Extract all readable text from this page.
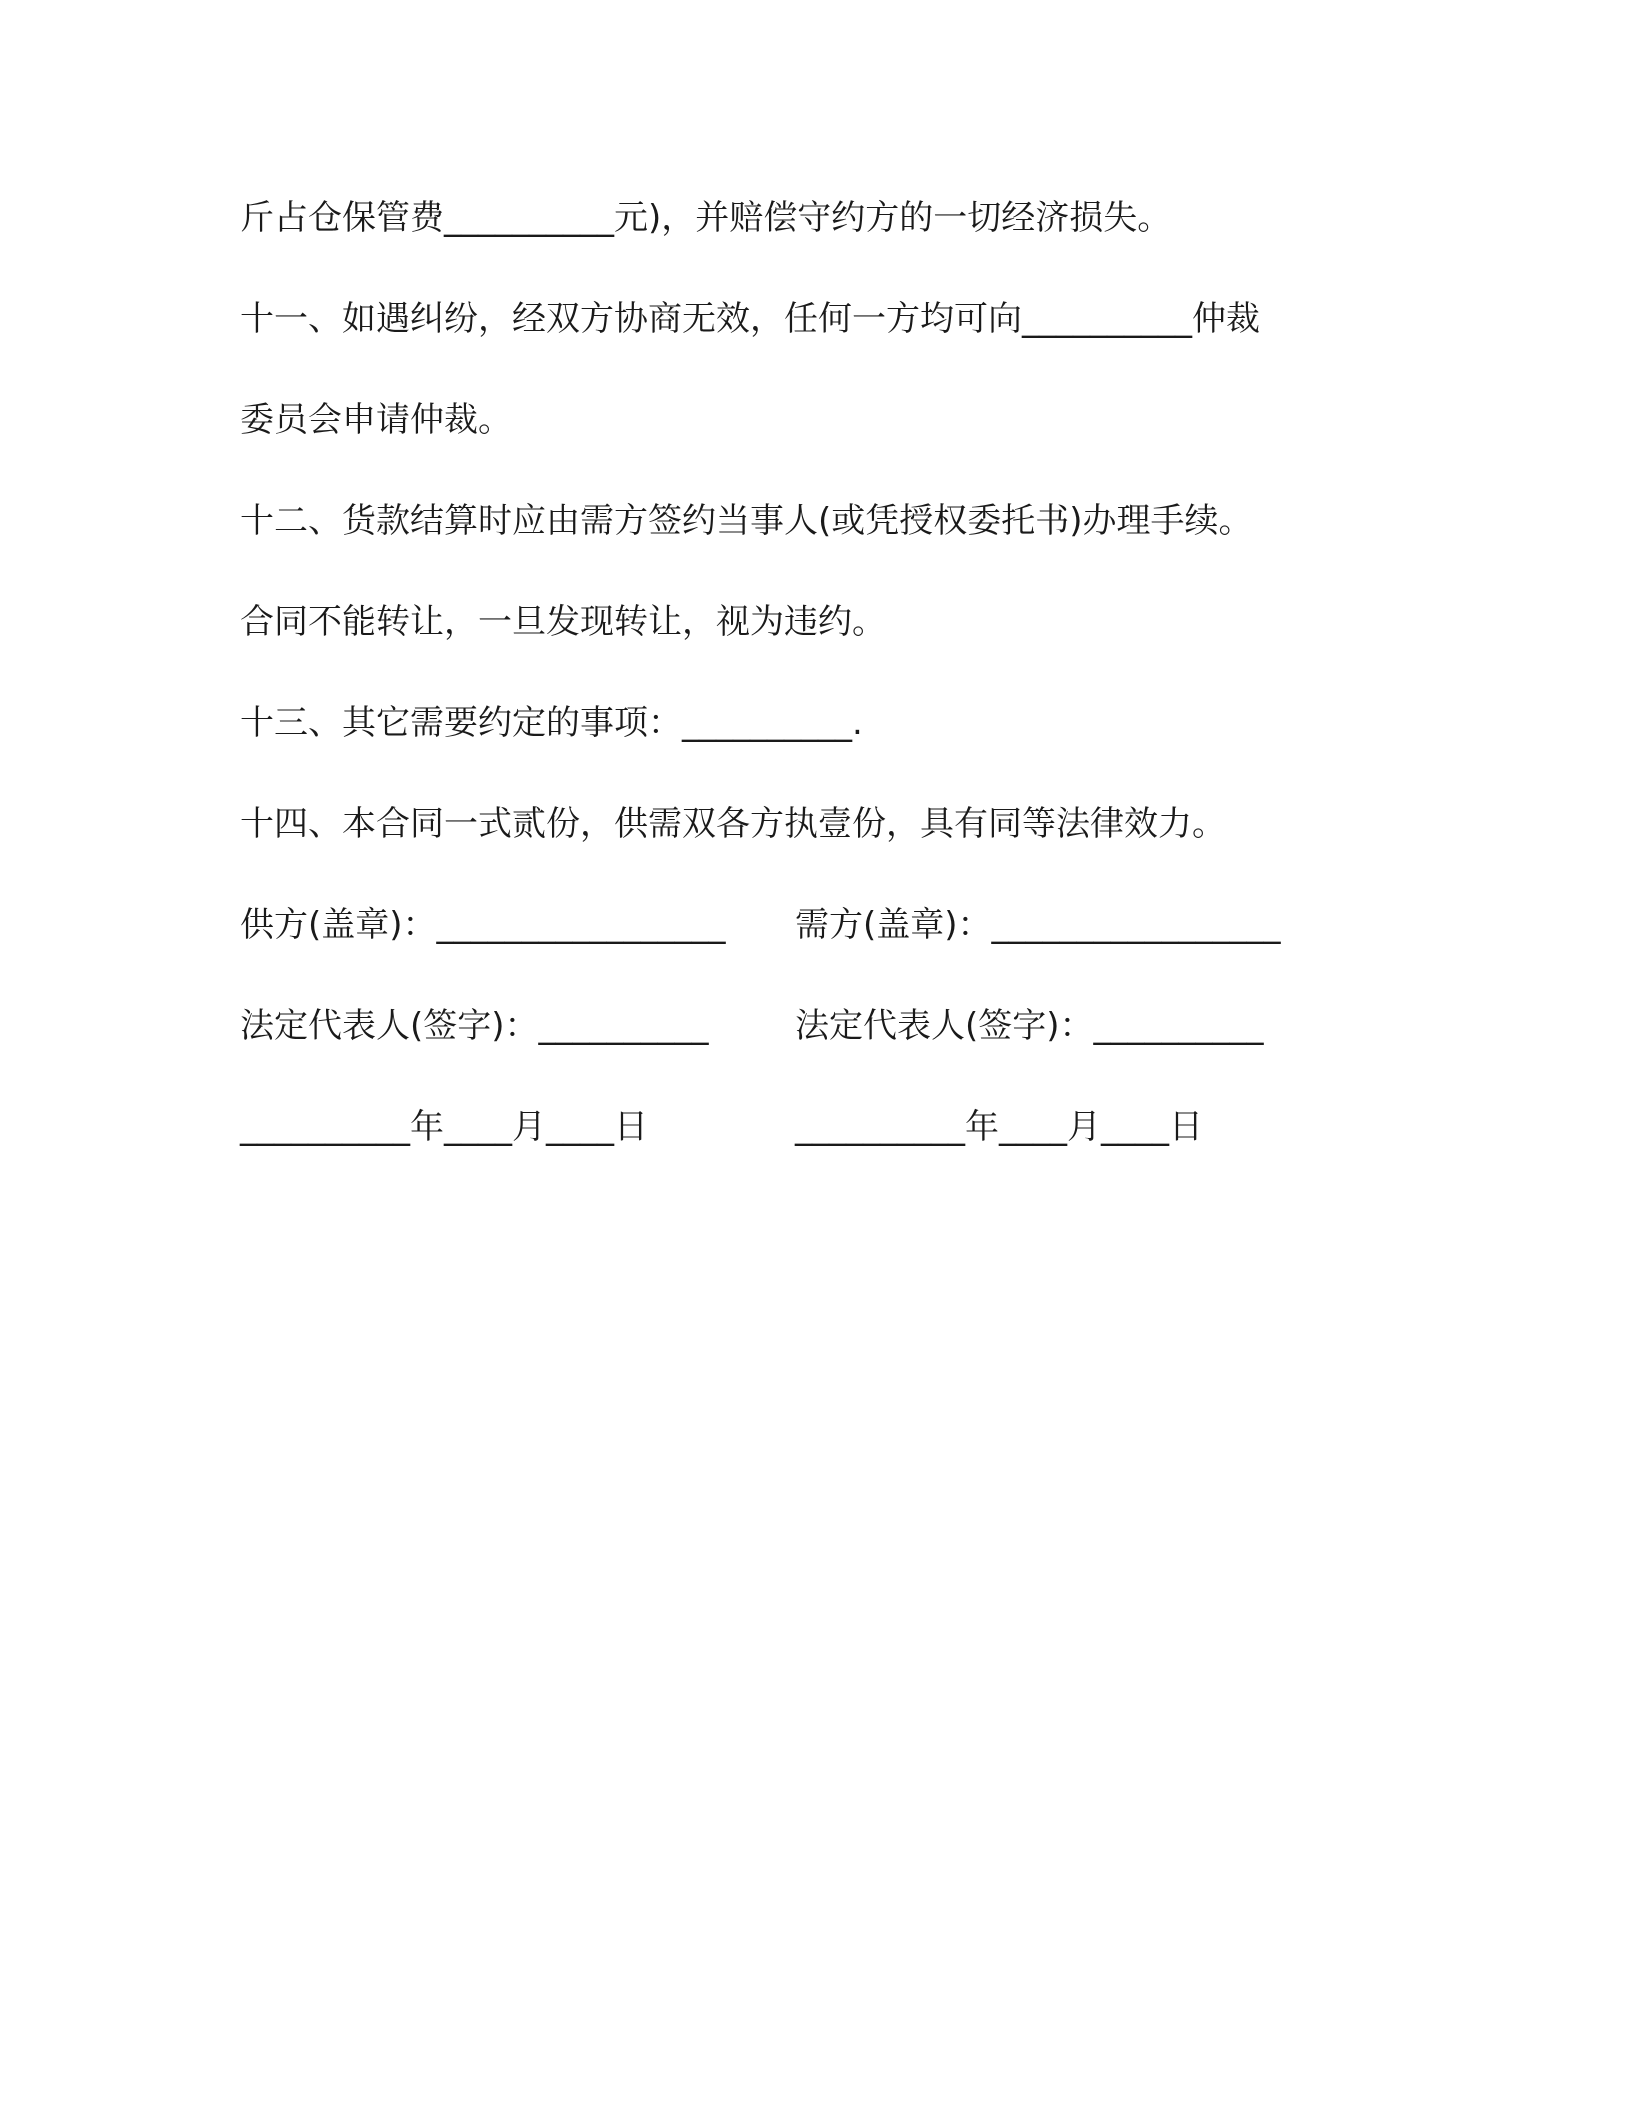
斤占仓保管费__________元)，并赔偿守约方的一切经济损失。
十一、如遇纠纷，经双方协商无效，任何一方均可向__________仲裁
委员会申请仲裁。
十二、货款结算时应由需方签约当事人(或凭授权委托书)办理手续。
合同不能转让，一旦发现转让，视为违约。
十三、其它需要约定的事项：__________.
十四、本合同一式贰份，供需双各方执壹份，具有同等法律效力。
供方(盖章)：_________________ 需方(盖章)：_________________
法定代表人(签字)：__________	法定代表人(签字)：__________
__________年____月____日	__________年____月____日
